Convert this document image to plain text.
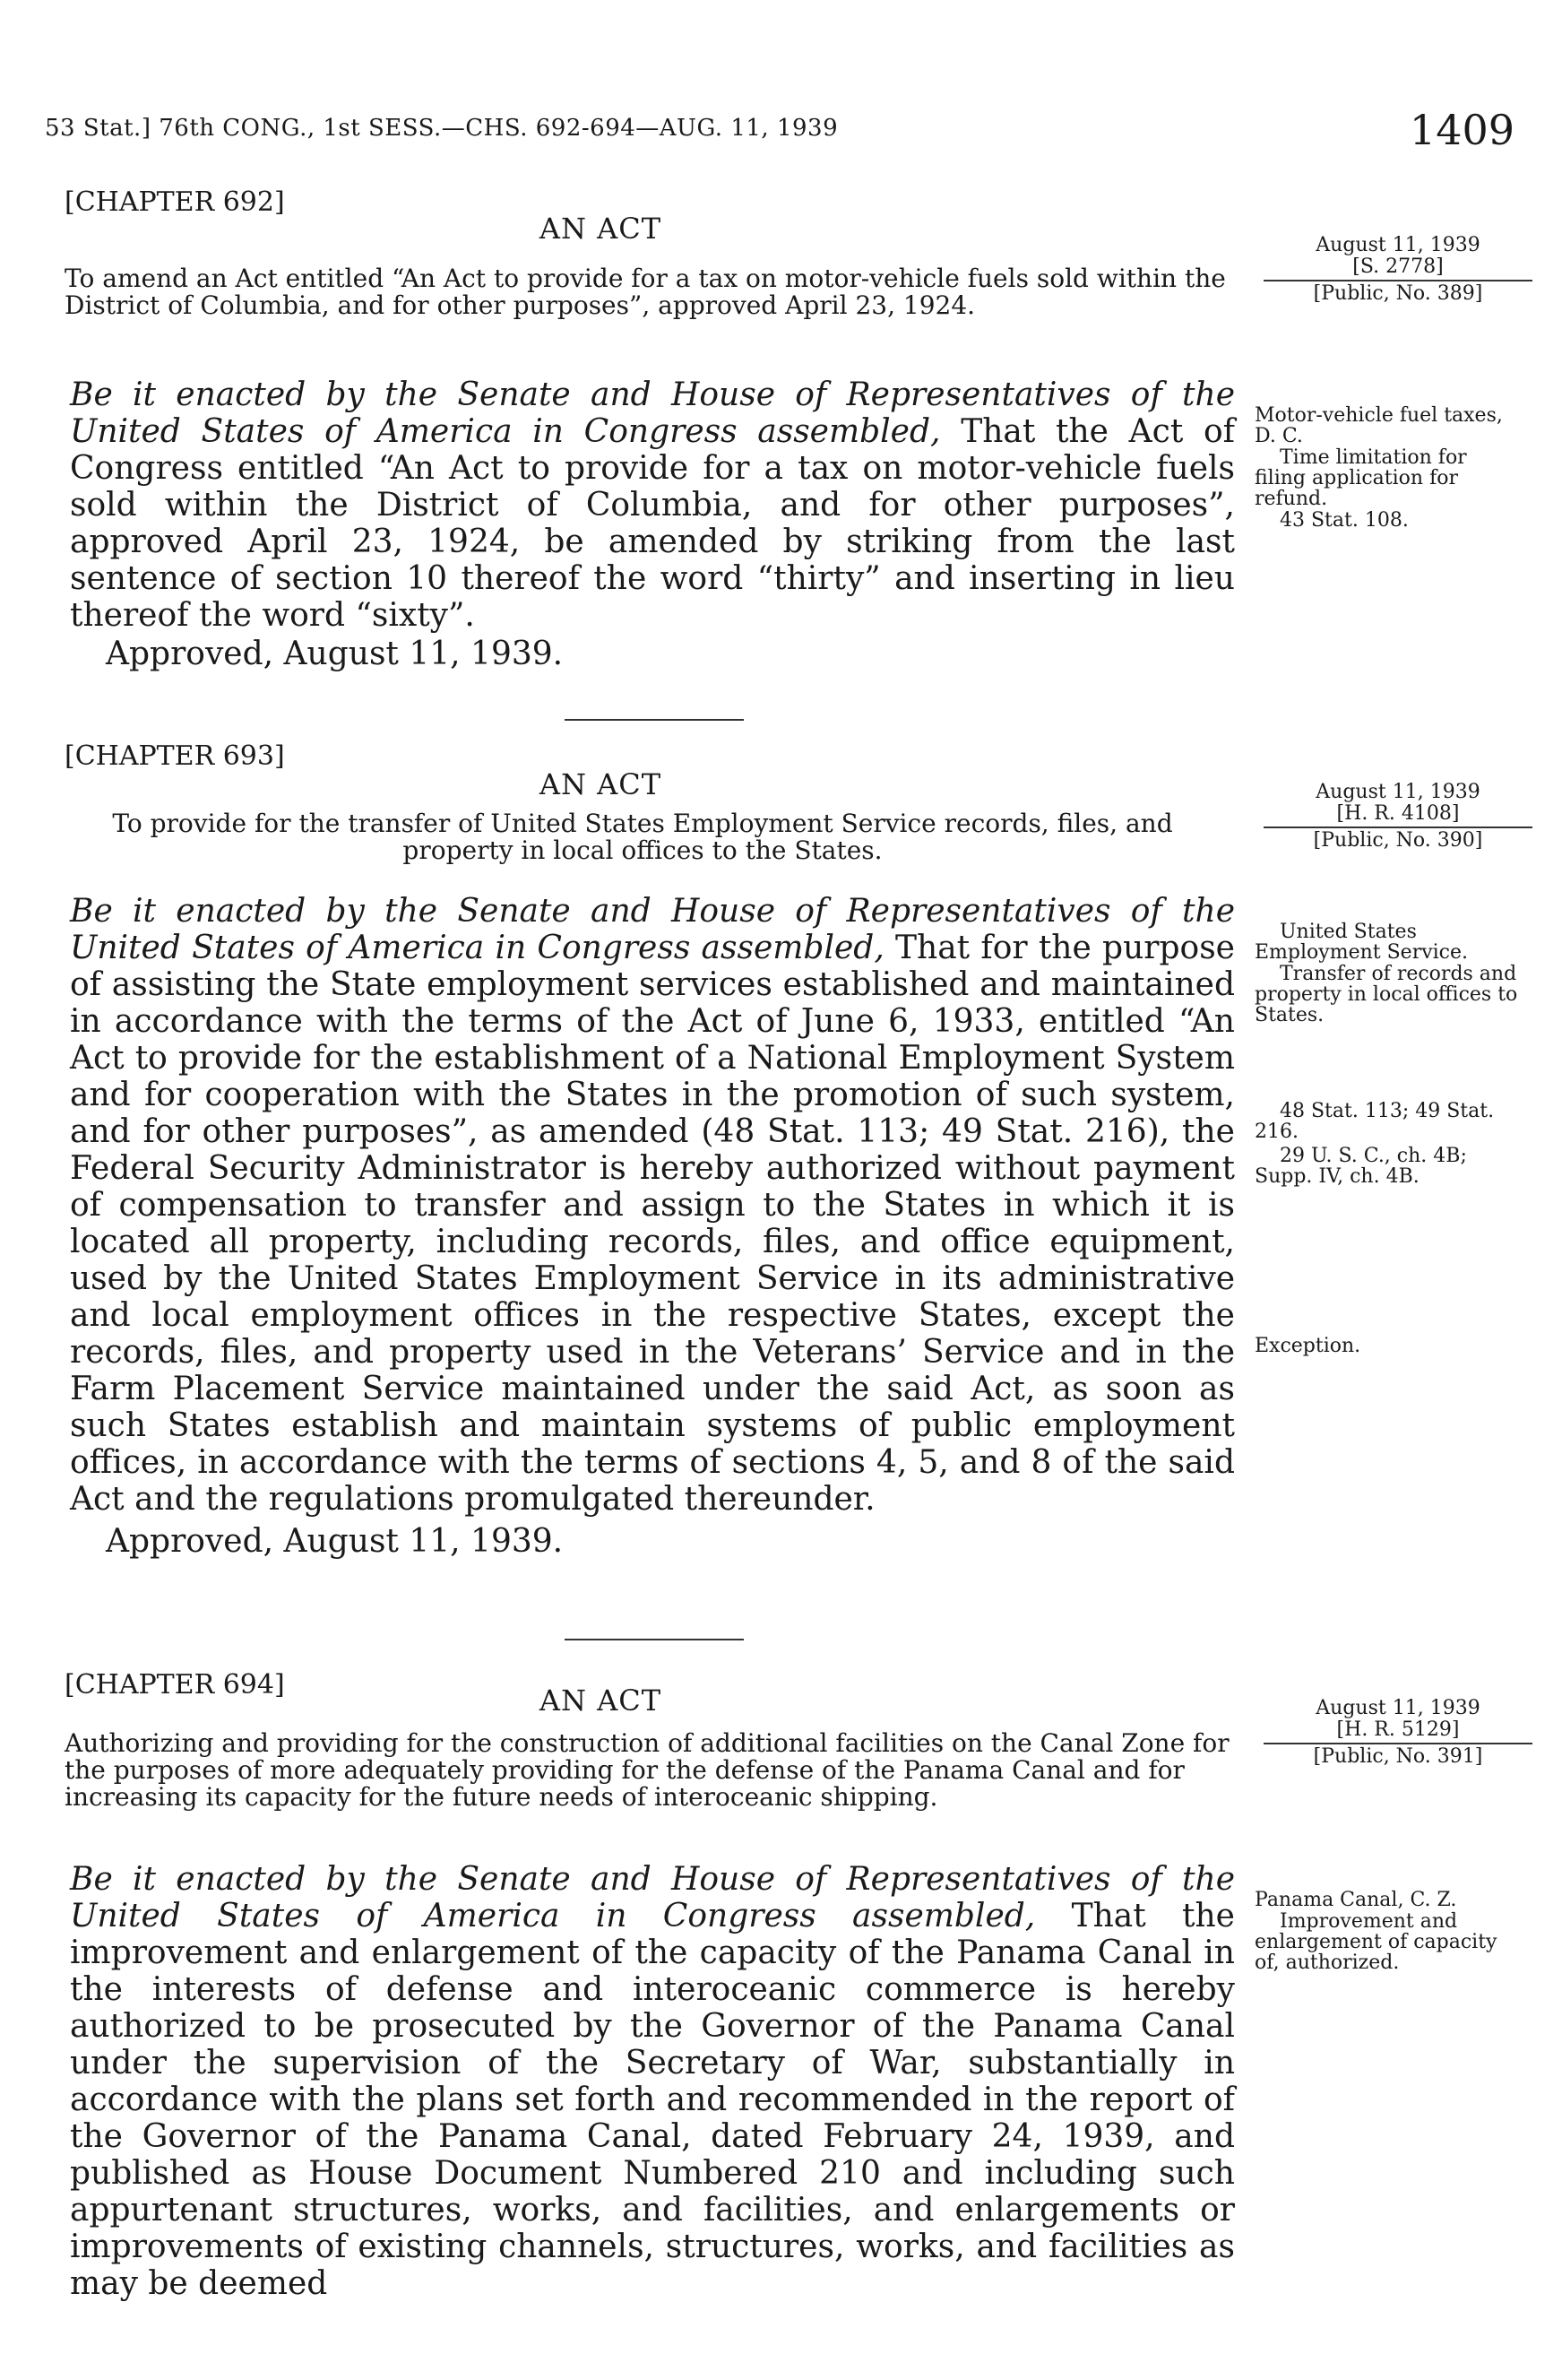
53 Stat.] 76th CONG., 1st SESS.—CHS. 692-694—AUG. 11, 1939	1409
[CHAPTER 692]
AN ACT
To amend an Act entitled “An Act to provide for a tax on motor-vehicle fuels sold within the District of Columbia, and for other purposes”, approved April 23, 1924.
August 11, 1939
[S. 2778]
[Public, No. 389]

Be it enacted by the Senate and House of Representatives of the United States of America in Congress assembled, That the Act of Congress entitled “An Act to provide for a tax on motor-vehicle fuels sold within the District of Columbia, and for other purposes”, approved April 23, 1924, be amended by striking from the last sentence of section 10 thereof the word “thirty” and inserting in lieu thereof the word “sixty”.

Approved, August 11, 1939.

Motor-vehicle fuel taxes, D. C.
Time limitation for filing application for refund.
43 Stat. 108.
[CHAPTER 693]
AN ACT
To provide for the transfer of United States Employment Service records, files, and property in local offices to the States.
August 11, 1939
[H. R. 4108]
[Public, No. 390]

Be it enacted by the Senate and House of Representatives of the United States of America in Congress assembled, That for the purpose of assisting the State employment services established and maintained in accordance with the terms of the Act of June 6, 1933, entitled “An Act to provide for the establishment of a National Employment System and for cooperation with the States in the promotion of such system, and for other purposes”, as amended (48 Stat. 113; 49 Stat. 216), the Federal Security Administrator is hereby authorized without payment of compensation to transfer and assign to the States in which it is located all property, including records, files, and office equipment, used by the United States Employment Service in its administrative and local employment offices in the respective States, except the records, files, and property used in the Veterans’ Service and in the Farm Placement Service maintained under the said Act, as soon as such States establish and maintain systems of public employment offices, in accordance with the terms of sections 4, 5, and 8 of the said Act and the regulations promulgated thereunder.

Approved, August 11, 1939.

United States Employment Service.
Transfer of records and property in local offices to States.
48 Stat. 113; 49 Stat. 216.
29 U. S. C., ch. 4B; Supp. IV, ch. 4B.
Exception.
[CHAPTER 694]	AN ACT
Authorizing and providing for the construction of additional facilities on the Canal Zone for the purposes of more adequately providing for the defense of the Panama Canal and for increasing its capacity for the future needs of interoceanic shipping.
August 11, 1939
[H. R. 5129]
[Public, No. 391]

Be it enacted by the Senate and House of Representatives of the United States of America in Congress assembled, That the improvement and enlargement of the capacity of the Panama Canal in the interests of defense and interoceanic commerce is hereby authorized to be prosecuted by the Governor of the Panama Canal under the supervision of the Secretary of War, substantially in accordance with the plans set forth and recommended in the report of the Governor of the Panama Canal, dated February 24, 1939, and published as House Document Numbered 210 and including such appurtenant structures, works, and facilities, and enlargements or improvements of existing channels, structures, works, and facilities as may be deemed

Panama Canal, C. Z.
Improvement and enlargement of capacity of, authorized.
